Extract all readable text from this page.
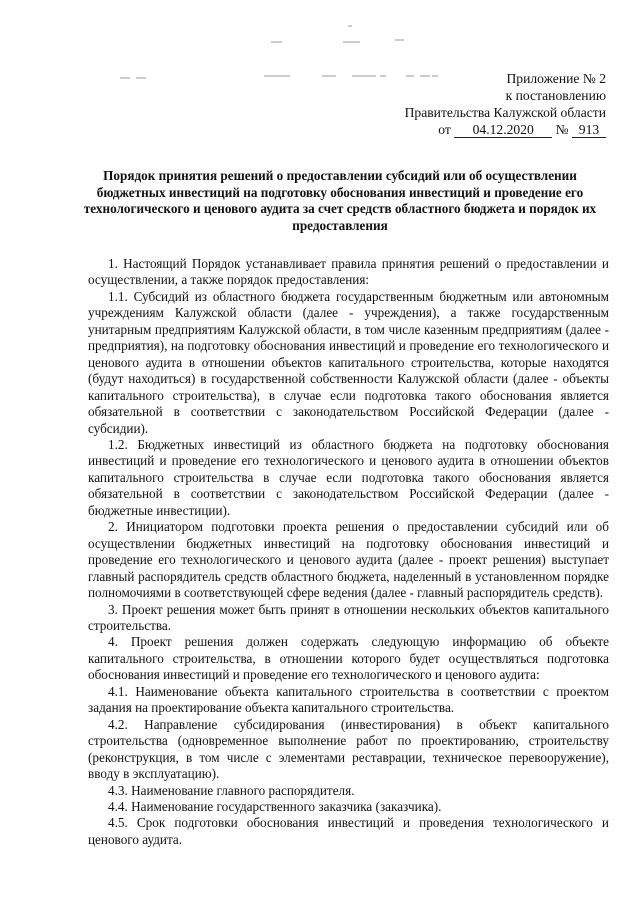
Приложение № 2
к постановлению
Правительства Калужской области
от 04.12.2020 № 913
Порядок принятия решений о предоставлении субсидий или об осуществлении бюджетных инвестиций на подготовку обоснования инвестиций и проведение его технологического и ценового аудита за счет средств областного бюджета и порядок их предоставления

1. Настоящий Порядок устанавливает правила принятия решений о предоставлении и осуществлении, а также порядок предоставления:

1.1. Субсидий из областного бюджета государственным бюджетным или автономным учреждениям Калужской области (далее - учреждения), а также государственным унитарным предприятиям Калужской области, в том числе казенным предприятиям (далее - предприятия), на подготовку обоснования инвестиций и проведение его технологического и ценового аудита в отношении объектов капитального строительства, которые находятся (будут находиться) в государственной собственности Калужской области (далее - объекты капитального строительства), в случае если подготовка такого обоснования является обязательной в соответствии с законодательством Российской Федерации (далее - субсидии).

1.2. Бюджетных инвестиций из областного бюджета на подготовку обоснования инвестиций и проведение его технологического и ценового аудита в отношении объектов капитального строительства в случае если подготовка такого обоснования является обязательной в соответствии с законодательством Российской Федерации (далее - бюджетные инвестиции).

2. Инициатором подготовки проекта решения о предоставлении субсидий или об осуществлении бюджетных инвестиций на подготовку обоснования инвестиций и проведение его технологического и ценового аудита (далее - проект решения) выступает главный распорядитель средств областного бюджета, наделенный в установленном порядке полномочиями в соответствующей сфере ведения (далее - главный распорядитель средств).

3. Проект решения может быть принят в отношении нескольких объектов капитального строительства.

4. Проект решения должен содержать следующую информацию об объекте капитального строительства, в отношении которого будет осуществляться подготовка обоснования инвестиций и проведение его технологического и ценового аудита:

4.1. Наименование объекта капитального строительства в соответствии с проектом задания на проектирование объекта капитального строительства.

4.2. Направление субсидирования (инвестирования) в объект капитального строительства (одновременное выполнение работ по проектированию, строительству (реконструкция, в том числе с элементами реставрации, техническое перевооружение), вводу в эксплуатацию).

4.3. Наименование главного распорядителя.

4.4. Наименование государственного заказчика (заказчика).

4.5. Срок подготовки обоснования инвестиций и проведения технологического и ценового аудита.
